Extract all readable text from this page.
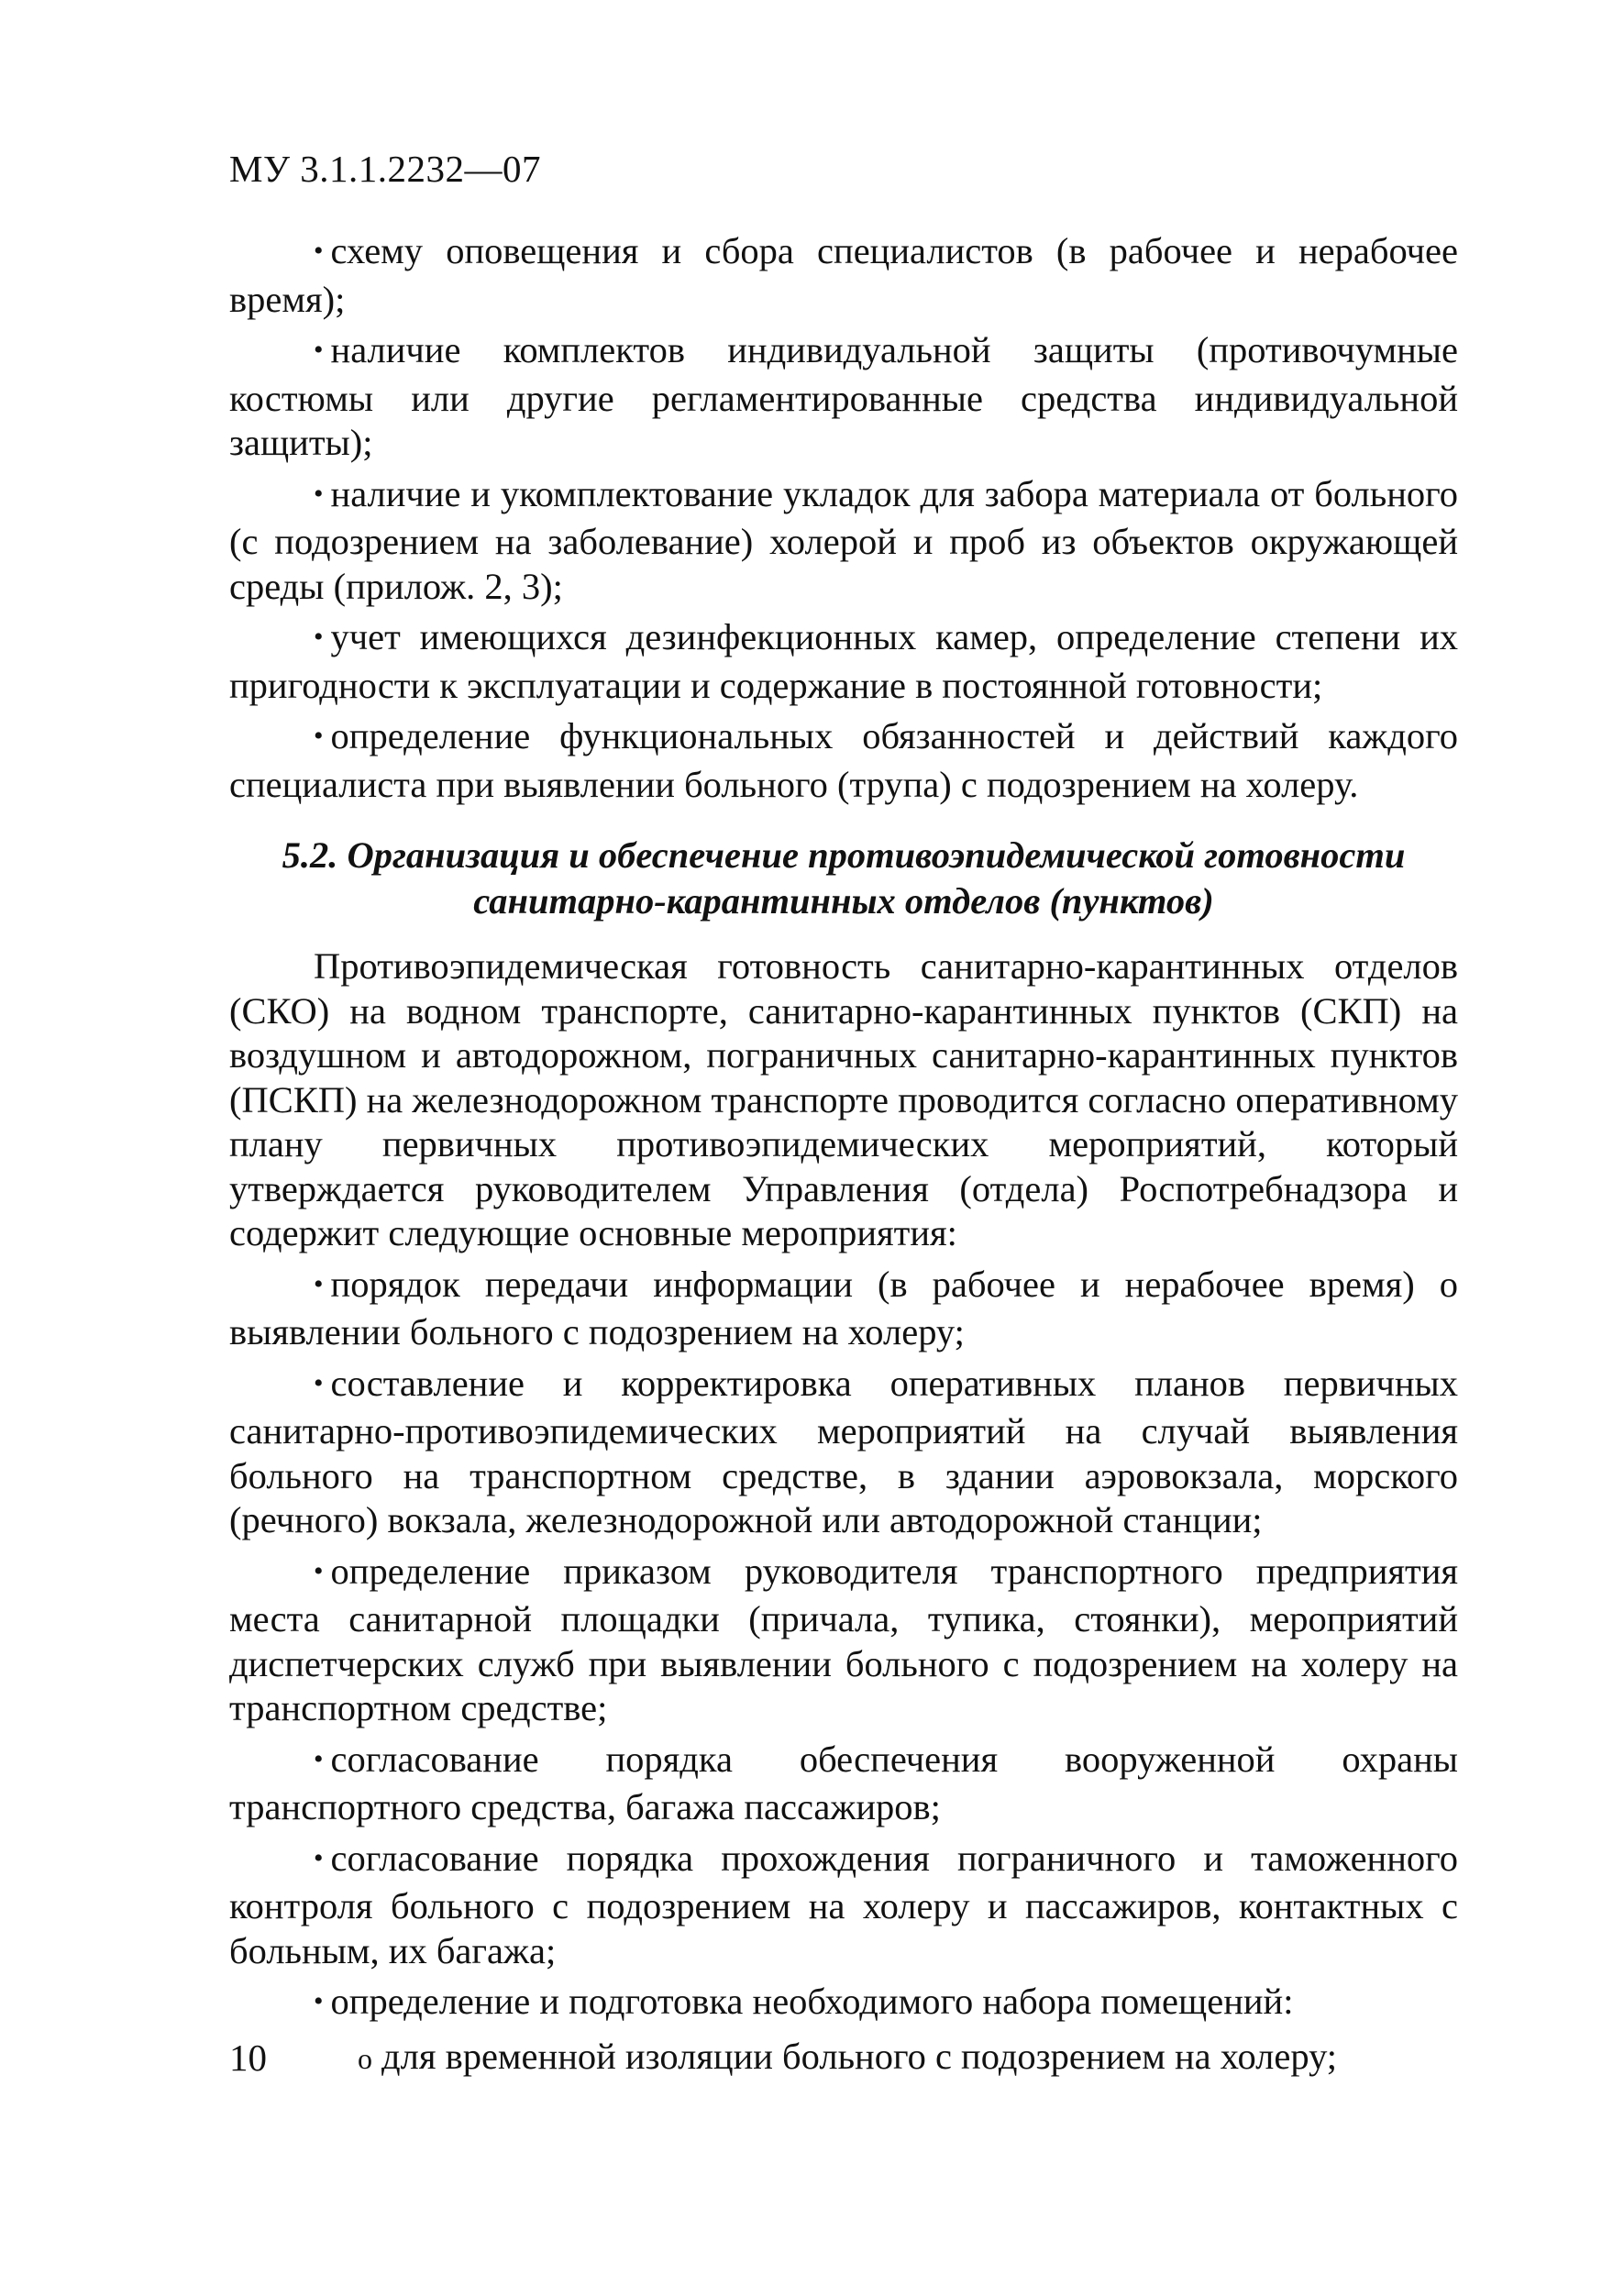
МУ 3.1.1.2232—07

• схему оповещения и сбора специалистов (в рабочее и нерабочее время);

• наличие комплектов индивидуальной защиты (противочумные костюмы или другие регламентированные средства индивидуальной защиты);

• наличие и укомплектование укладок для забора материала от больного (с подозрением на заболевание) холерой и проб из объектов окружающей среды (прилож. 2, 3);

• учет имеющихся дезинфекционных камер, определение степени их пригодности к эксплуатации и содержание в постоянной готовности;

• определение функциональных обязанностей и действий каждого специалиста при выявлении больного (трупа) с подозрением на холеру.

5.2. Организация и обеспечение противоэпидемической готовности
санитарно-карантинных отделов (пунктов)

Противоэпидемическая готовность санитарно-карантинных отделов (СКО) на водном транспорте, санитарно-карантинных пунктов (СКП) на воздушном и автодорожном, пограничных санитарно-карантинных пунктов (ПСКП) на железнодорожном транспорте проводится согласно оперативному плану первичных противоэпидемических мероприятий, который утверждается руководителем Управления (отдела) Роспотребнадзора и содержит следующие основные мероприятия:

• порядок передачи информации (в рабочее и нерабочее время) о выявлении больного с подозрением на холеру;

• составление и корректировка оперативных планов первичных санитарно-противоэпидемических мероприятий на случай выявления больного на транспортном средстве, в здании аэровокзала, морского (речного) вокзала, железнодорожной или автодорожной станции;

• определение приказом руководителя транспортного предприятия места санитарной площадки (причала, тупика, стоянки), мероприятий диспетчерских служб при выявлении больного с подозрением на холеру на транспортном средстве;

• согласование порядка обеспечения вооруженной охраны транспортного средства, багажа пассажиров;

• согласование порядка прохождения пограничного и таможенного контроля больного с подозрением на холеру и пассажиров, контактных с больным, их багажа;

• определение и подготовка необходимого набора помещений:

о для временной изоляции больного с подозрением на холеру;

10
